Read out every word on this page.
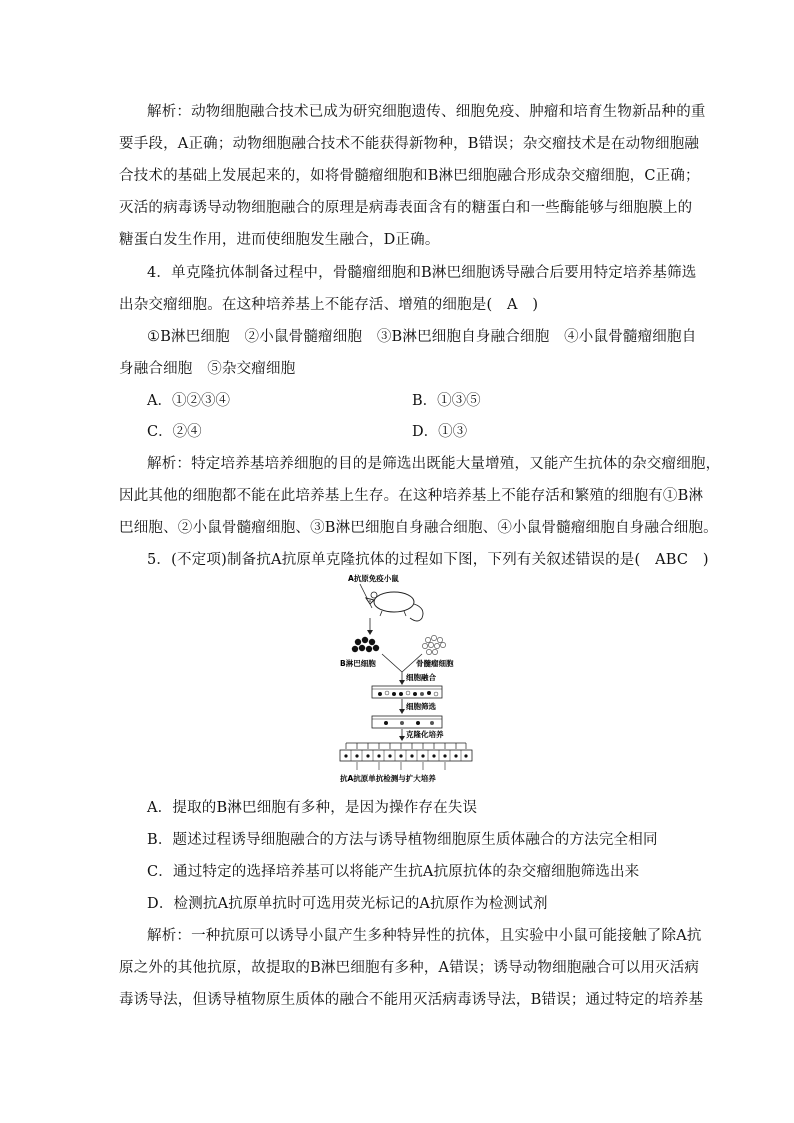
解析：动物细胞融合技术已成为研究细胞遗传、细胞免疫、肿瘤和培育生物新品种的重
要手段，A正确；动物细胞融合技术不能获得新物种，B错误；杂交瘤技术是在动物细胞融
合技术的基础上发展起来的，如将骨髓瘤细胞和B淋巴细胞融合形成杂交瘤细胞，C正确；
灭活的病毒诱导动物细胞融合的原理是病毒表面含有的糖蛋白和一些酶能够与细胞膜上的
糖蛋白发生作用，进而使细胞发生融合，D正确。
4．单克隆抗体制备过程中，骨髓瘤细胞和B淋巴细胞诱导融合后要用特定培养基筛选
出杂交瘤细胞。在这种培养基上不能存活、增殖的细胞是(　A　)
①B淋巴细胞　②小鼠骨髓瘤细胞　③B淋巴细胞自身融合细胞　④小鼠骨髓瘤细胞自
身融合细胞　⑤杂交瘤细胞
A．①②③④	B．①③⑤
C．②④	D．①③
解析：特定培养基培养细胞的目的是筛选出既能大量增殖，又能产生抗体的杂交瘤细胞，
因此其他的细胞都不能在此培养基上生存。在这种培养基上不能存活和繁殖的细胞有①B淋
巴细胞、②小鼠骨髓瘤细胞、③B淋巴细胞自身融合细胞、④小鼠骨髓瘤细胞自身融合细胞。
5．(不定项)制备抗A抗原单克隆抗体的过程如下图，下列有关叙述错误的是(　ABC　)
A抗原免疫小鼠
B淋巴细胞	骨髓瘤细胞
细胞融合
细胞筛选
克隆化培养
抗A抗原单抗检测与扩大培养
A．提取的B淋巴细胞有多种，是因为操作存在失误
B．题述过程诱导细胞融合的方法与诱导植物细胞原生质体融合的方法完全相同
C．通过特定的选择培养基可以将能产生抗A抗原抗体的杂交瘤细胞筛选出来
D．检测抗A抗原单抗时可选用荧光标记的A抗原作为检测试剂
解析：一种抗原可以诱导小鼠产生多种特异性的抗体，且实验中小鼠可能接触了除A抗
原之外的其他抗原，故提取的B淋巴细胞有多种，A错误；诱导动物细胞融合可以用灭活病
毒诱导法，但诱导植物原生质体的融合不能用灭活病毒诱导法，B错误；通过特定的培养基
